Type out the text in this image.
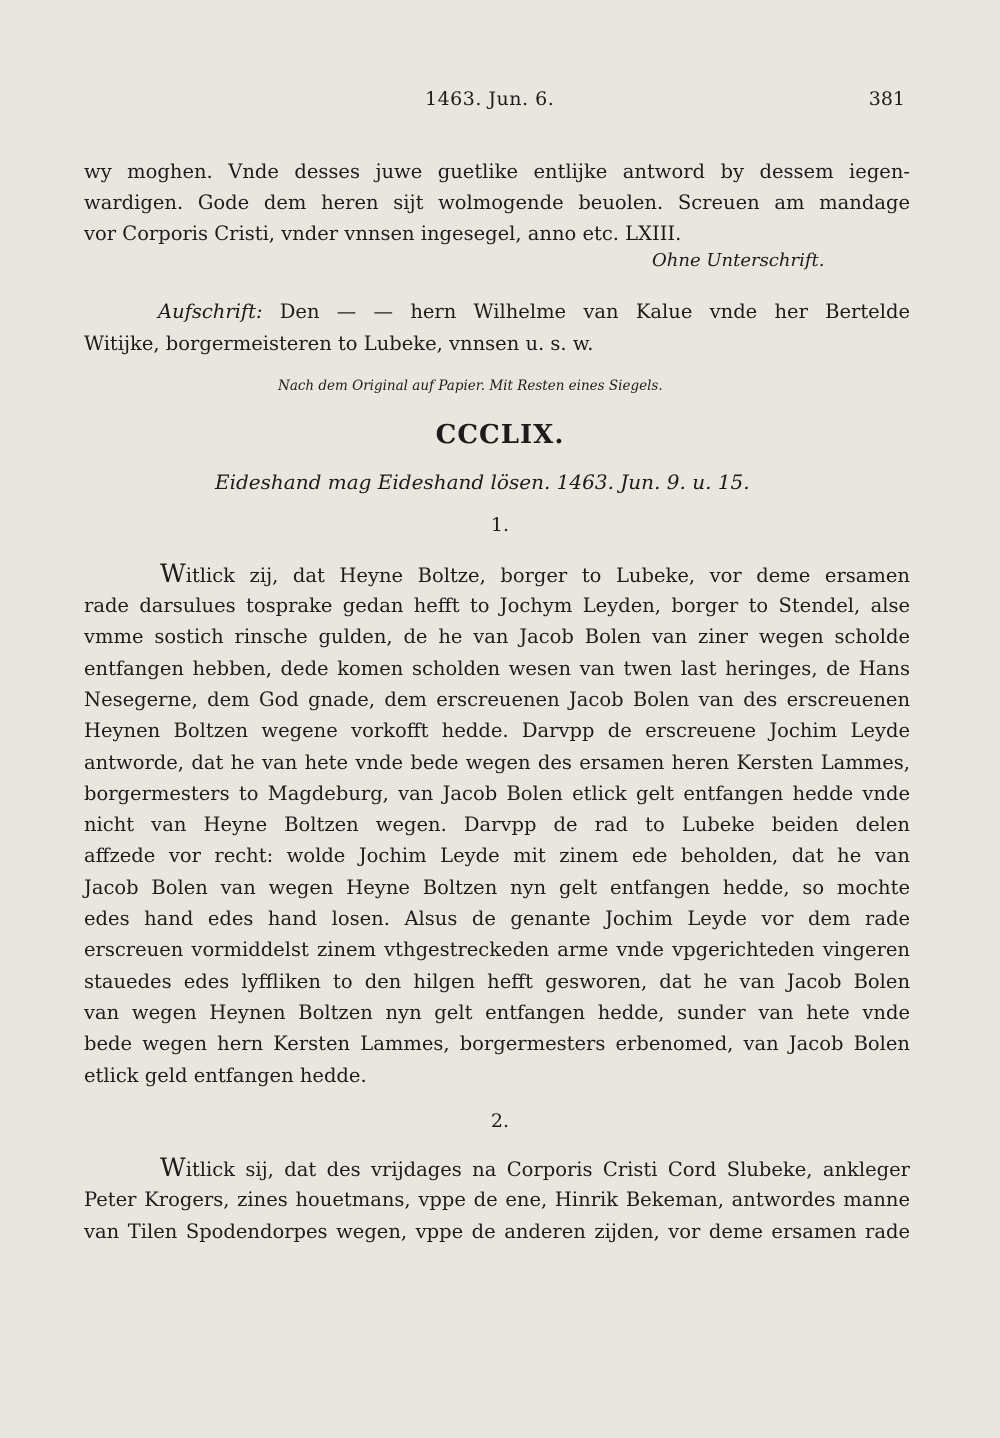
1463. Jun. 6.	381
wy moghen. Vnde desses juwe guetlike entlijke antword by dessem iegen-
wardigen. Gode dem heren sijt wolmogende beuolen. Screuen am mandage
vor Corporis Cristi, vnder vnnsen ingesegel, anno etc. LXIII.
Ohne Unterschrift.
Aufschrift: Den — — hern Wilhelme van Kalue vnde her Bertelde
Witijke, borgermeisteren to Lubeke, vnnsen u. s. w.
Nach dem Original auf Papier. Mit Resten eines Siegels.
CCCLIX.
Eideshand mag Eideshand lösen. 1463. Jun. 9. u. 15.
1.
Witlick zij, dat Heyne Boltze, borger to Lubeke, vor deme ersamen
rade darsulues tosprake gedan hefft to Jochym Leyden, borger to Stendel, alse
vmme sostich rinsche gulden, de he van Jacob Bolen van ziner wegen scholde
entfangen hebben, dede komen scholden wesen van twen last heringes, de Hans
Nesegerne, dem God gnade, dem erscreuenen Jacob Bolen van des erscreuenen
Heynen Boltzen wegene vorkofft hedde. Darvpp de erscreuene Jochim Leyde
antworde, dat he van hete vnde bede wegen des ersamen heren Kersten Lammes,
borgermesters to Magdeburg, van Jacob Bolen etlick gelt entfangen hedde vnde
nicht van Heyne Boltzen wegen. Darvpp de rad to Lubeke beiden delen
affzede vor recht: wolde Jochim Leyde mit zinem ede beholden, dat he van
Jacob Bolen van wegen Heyne Boltzen nyn gelt entfangen hedde, so mochte
edes hand edes hand losen. Alsus de genante Jochim Leyde vor dem rade
erscreuen vormiddelst zinem vthgestreckeden arme vnde vpgerichteden vingeren
stauedes edes lyffliken to den hilgen hefft gesworen, dat he van Jacob Bolen
van wegen Heynen Boltzen nyn gelt entfangen hedde, sunder van hete vnde
bede wegen hern Kersten Lammes, borgermesters erbenomed, van Jacob Bolen
etlick geld entfangen hedde.
2.
Witlick sij, dat des vrijdages na Corporis Cristi Cord Slubeke, ankleger
Peter Krogers, zines houetmans, vppe de ene, Hinrik Bekeman, antwordes manne
van Tilen Spodendorpes wegen, vppe de anderen zijden, vor deme ersamen rade
